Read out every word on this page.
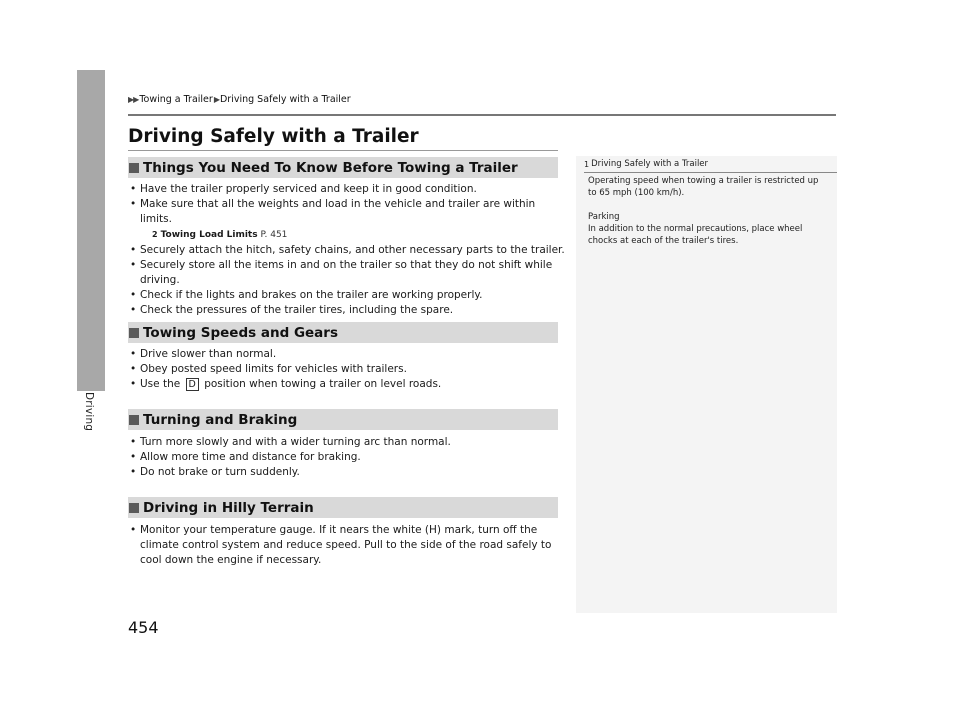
Driving
▶▶ Towing a Trailer ▶ Driving Safely with a Trailer
Driving Safely with a Trailer
Things You Need To Know Before Towing a Trailer
• Have the trailer properly serviced and keep it in good condition.
• Make sure that all the weights and load in the vehicle and trailer are within limits.
2 Towing Load Limits P. 451
• Securely attach the hitch, safety chains, and other necessary parts to the trailer.
• Securely store all the items in and on the trailer so that they do not shift while driving.
• Check if the lights and brakes on the trailer are working properly.
• Check the pressures of the trailer tires, including the spare.
Towing Speeds and Gears
• Drive slower than normal.
• Obey posted speed limits for vehicles with trailers.
• Use the D position when towing a trailer on level roads.
Turning and Braking
• Turn more slowly and with a wider turning arc than normal.
• Allow more time and distance for braking.
• Do not brake or turn suddenly.
Driving in Hilly Terrain
• Monitor your temperature gauge. If it nears the white (H) mark, turn off the climate control system and reduce speed. Pull to the side of the road safely to cool down the engine if necessary.
1 Driving Safely with a Trailer

Operating speed when towing a trailer is restricted up to 65 mph (100 km/h).

Parking

In addition to the normal precautions, place wheel chocks at each of the trailer's tires.

454
